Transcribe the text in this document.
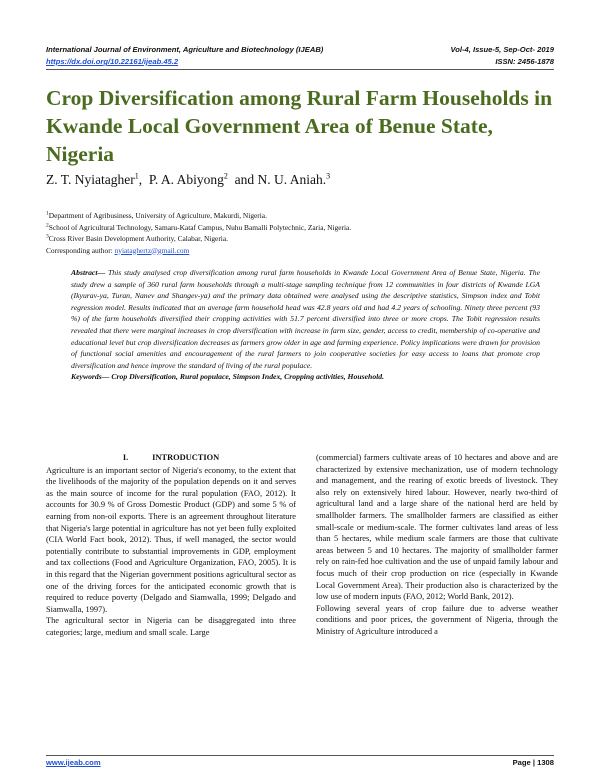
International Journal of Environment, Agriculture and Biotechnology (IJEAB)	Vol-4, Issue-5, Sep-Oct- 2019
https://dx.doi.org/10.22161/ijeab.45.2	ISSN: 2456-1878
Crop Diversification among Rural Farm Households in Kwande Local Government Area of Benue State, Nigeria
Z. T. Nyiatagher$^1$,  P. A. Abiyong$^2$  and N. U. Aniah.$^3$
$^1$Department of Agribusiness, University of Agriculture, Makurdi, Nigeria.
$^2$School of Agricultural Technology, Samaru-Kataf Campus, Nuhu Bamalli Polytechnic, Zaria, Nigeria.
$^3$Cross River Basin Development Authority, Calabar, Nigeria.
Corresponding author: nyiataghertz@gmail.com

Abstract— This study analysed crop diversification among rural farm households in Kwande Local Government Area of Benue State, Nigeria. The study drew a sample of 360 rural farm households through a multi-stage sampling technique from 12 communities in four districts of Kwande LGA (Ikyurav-ya, Turan, Nanev and Shangev-ya) and the primary data obtained were analysed using the descriptive statistics, Simpson index and Tobit regression model. Results indicated that an average farm household head was 42.8 years old and had 4.2 years of schooling. Ninety three percent (93 %) of the farm households diversified their cropping activities with 51.7 percent diversified into three or more crops. The Tobit regression results revealed that there were marginal increases in crop diversification with increase in farm size, gender, access to credit, membership of co-operative and educational level but crop diversification decreases as farmers grow older in age and farming experience. Policy implications were drawn for provision of functional social amenities and encouragement of the rural farmers to join cooperative societies for easy access to loans that promote crop diversification and hence improve the standard of living of the rural populace.

Keywords— Crop Diversification, Rural populace, Simpson Index, Cropping activities, Household.

I.	INTRODUCTION

Agriculture is an important sector of Nigeria's economy, to the extent that the livelihoods of the majority of the population depends on it and serves as the main source of income for the rural population (FAO, 2012). It accounts for 30.9 % of Gross Domestic Product (GDP) and some 5 % of earning from non-oil exports. There is an agreement throughout literature that Nigeria's large potential in agriculture has not yet been fully exploited (CIA World Fact book, 2012). Thus, if well managed, the sector would potentially contribute to substantial improvements in GDP, employment and tax collections (Food and Agriculture Organization, FAO, 2005). It is in this regard that the Nigerian government positions agricultural sector as one of the driving forces for the anticipated economic growth that is required to reduce poverty (Delgado and Siamwalla, 1999; Delgado and Siamwalla, 1997).

The agricultural sector in Nigeria can be disaggregated into three categories; large, medium and small scale. Large

(commercial) farmers cultivate areas of 10 hectares and above and are characterized by extensive mechanization, use of modern technology and management, and the rearing of exotic breeds of livestock. They also rely on extensively hired labour. However, nearly two-third of agricultural land and a large share of the national herd are held by smallholder farmers. The smallholder farmers are classified as either small-scale or medium-scale. The former cultivates land areas of less than 5 hectares, while medium scale farmers are those that cultivate areas between 5 and 10 hectares. The majority of smallholder farmer rely on rain-fed hoe cultivation and the use of unpaid family labour and focus much of their crop production on rice (especially in Kwande Local Government Area). Their production also is characterized by the low use of modern inputs (FAO, 2012; World Bank, 2012).

Following several years of crop failure due to adverse weather conditions and poor prices, the government of Nigeria, through the Ministry of Agriculture introduced a

www.ijeab.com	Page | 1308
